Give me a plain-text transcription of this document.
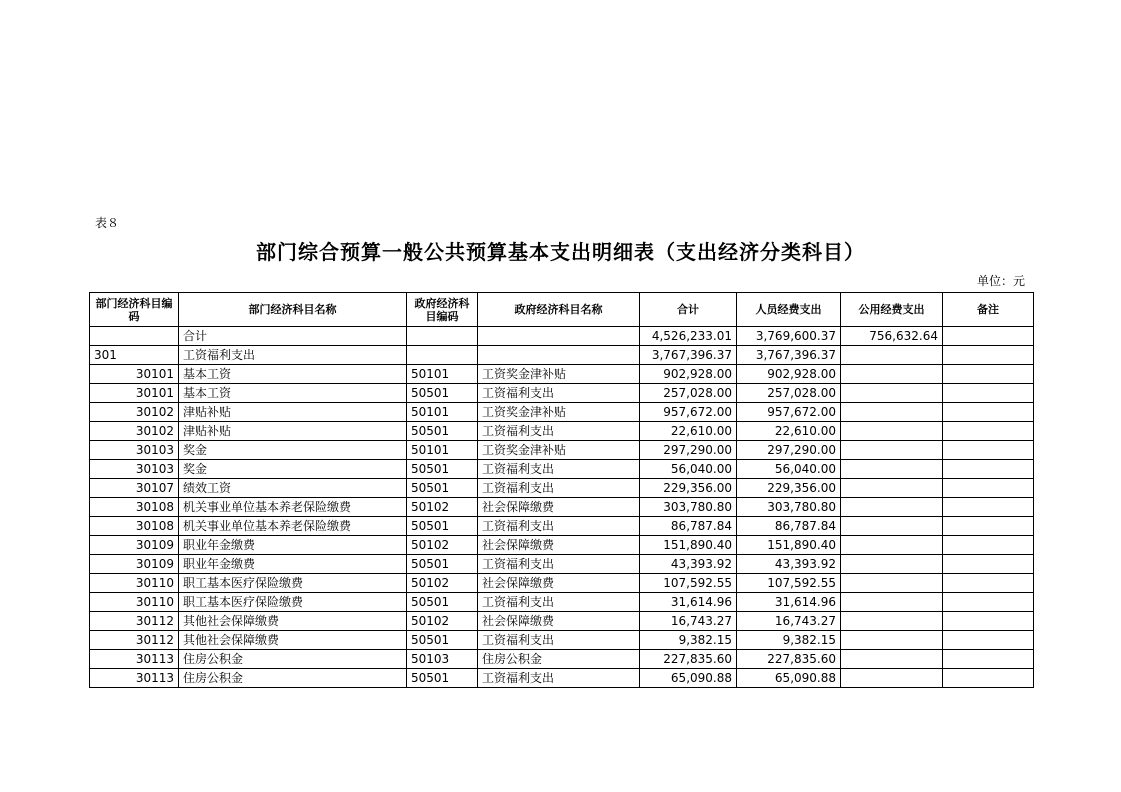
表８
部门综合预算一般公共预算基本支出明细表（支出经济分类科目）
单位：元
部门经济科目编码	部门经济科目名称	政府经济科目编码	政府经济科目名称	合计	人员经费支出	公用经费支出	备注
	合计			4,526,233.01	3,769,600.37	756,632.64	
301	工资福利支出			3,767,396.37	3,767,396.37		
30101	基本工资	50101	工资奖金津补贴	902,928.00	902,928.00		
30101	基本工资	50501	工资福利支出	257,028.00	257,028.00		
30102	津贴补贴	50101	工资奖金津补贴	957,672.00	957,672.00		
30102	津贴补贴	50501	工资福利支出	22,610.00	22,610.00		
30103	奖金	50101	工资奖金津补贴	297,290.00	297,290.00		
30103	奖金	50501	工资福利支出	56,040.00	56,040.00		
30107	绩效工资	50501	工资福利支出	229,356.00	229,356.00		
30108	机关事业单位基本养老保险缴费	50102	社会保障缴费	303,780.80	303,780.80		
30108	机关事业单位基本养老保险缴费	50501	工资福利支出	86,787.84	86,787.84		
30109	职业年金缴费	50102	社会保障缴费	151,890.40	151,890.40		
30109	职业年金缴费	50501	工资福利支出	43,393.92	43,393.92		
30110	职工基本医疗保险缴费	50102	社会保障缴费	107,592.55	107,592.55		
30110	职工基本医疗保险缴费	50501	工资福利支出	31,614.96	31,614.96		
30112	其他社会保障缴费	50102	社会保障缴费	16,743.27	16,743.27		
30112	其他社会保障缴费	50501	工资福利支出	9,382.15	9,382.15		
30113	住房公积金	50103	住房公积金	227,835.60	227,835.60		
30113	住房公积金	50501	工资福利支出	65,090.88	65,090.88		
